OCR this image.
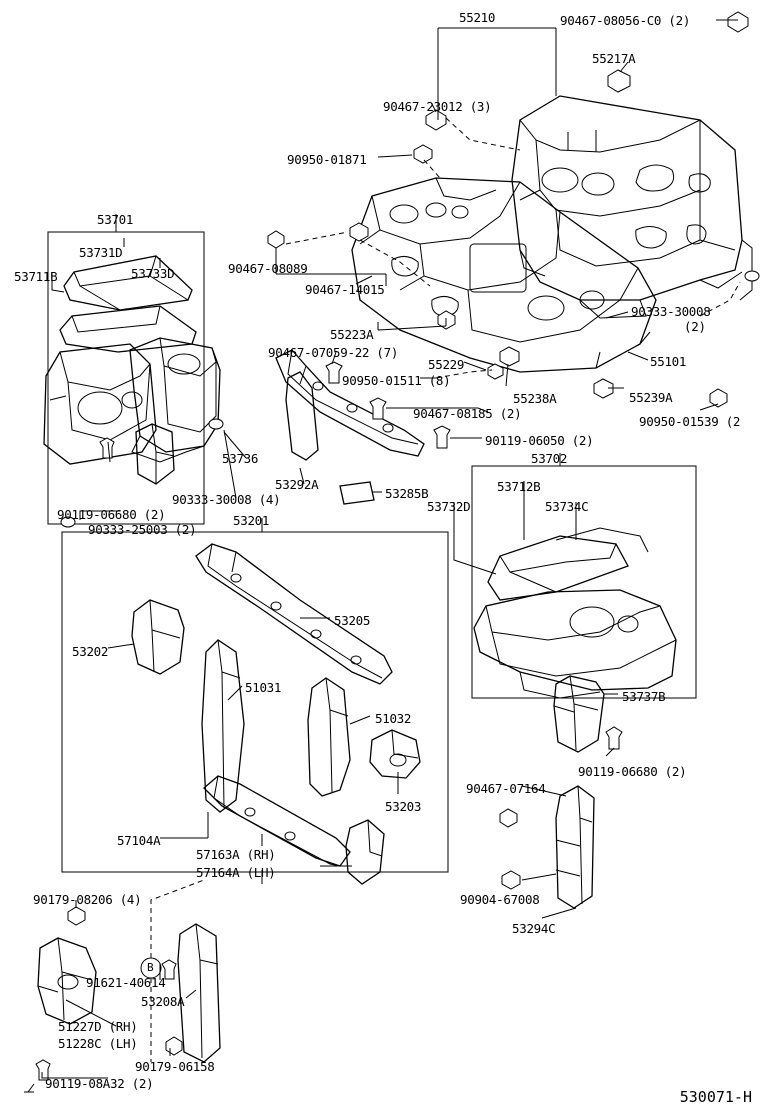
55210	90467-08056-C0 (2)
55217A
90467-23012 (3)
90950-01871
53701
53731D
53733D
53711B
90467-08089
90467-14015
90333-30008
(2)
55223A
90467-07059-22 (7)
55229	55101
90950-01511 (8)
55238A	55239A
90467-08185 (2)
90950-01539 (2
90119-06050 (2)
53736	53702
90333-30008 (4)
53712B
53732D	53734C
53292A
53285B
53201
90119-06680 (2)
90333-25003 (2)
53205
53202
51031
51032
53737B
90119-06680 (2)
53203
90467-07164
57104A
57163A (RH)
57164A (LH)
90904-67008
53294C
90179-08206 (4)
91621-40614
53208A
51227D (RH)
51228C (LH)
90179-06158
90119-08A32 (2)
B
530071-H
